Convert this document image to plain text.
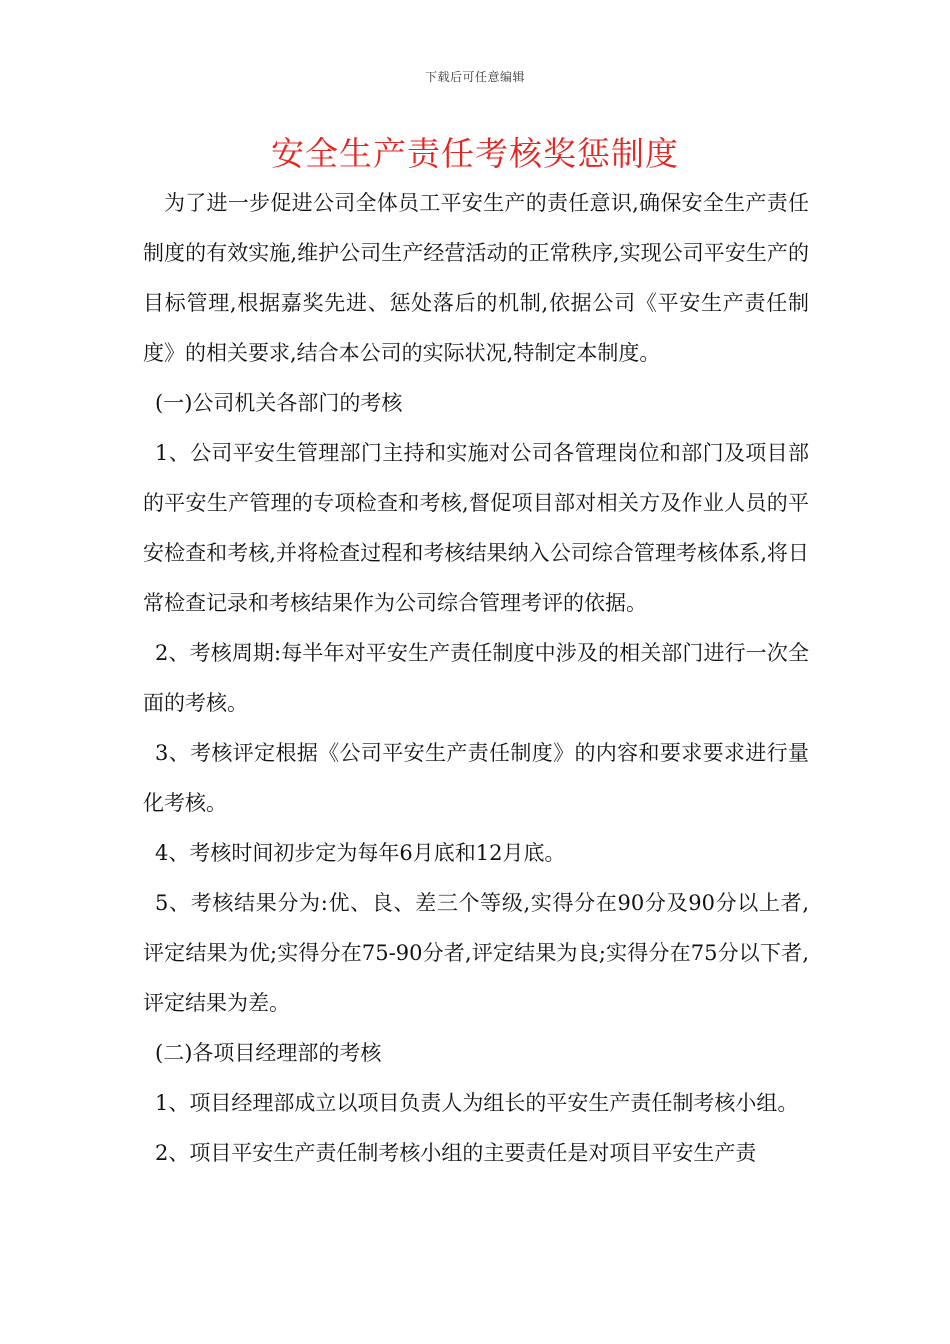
下载后可任意编辑
安全生产责任考核奖惩制度

为了进一步促进公司全体员工平安生产的责任意识,确保安全生产责任制度的有效实施,维护公司生产经营活动的正常秩序,实现公司平安生产的目标管理,根据嘉奖先进、惩处落后的机制,依据公司《平安生产责任制度》的相关要求,结合本公司的实际状况,特制定本制度。

(一)公司机关各部门的考核

1、公司平安生管理部门主持和实施对公司各管理岗位和部门及项目部的平安生产管理的专项检查和考核,督促项目部对相关方及作业人员的平安检查和考核,并将检查过程和考核结果纳入公司综合管理考核体系,将日常检查记录和考核结果作为公司综合管理考评的依据。

2、考核周期:每半年对平安生产责任制度中涉及的相关部门进行一次全面的考核。

3、考核评定根据《公司平安生产责任制度》的内容和要求要求进行量化考核。

4、考核时间初步定为每年6月底和12月底。

5、考核结果分为:优、良、差三个等级,实得分在90分及90分以上者,评定结果为优;实得分在75-90分者,评定结果为良;实得分在75分以下者,评定结果为差。

(二)各项目经理部的考核

1、项目经理部成立以项目负责人为组长的平安生产责任制考核小组。

2、项目平安生产责任制考核小组的主要责任是对项目平安生产责
